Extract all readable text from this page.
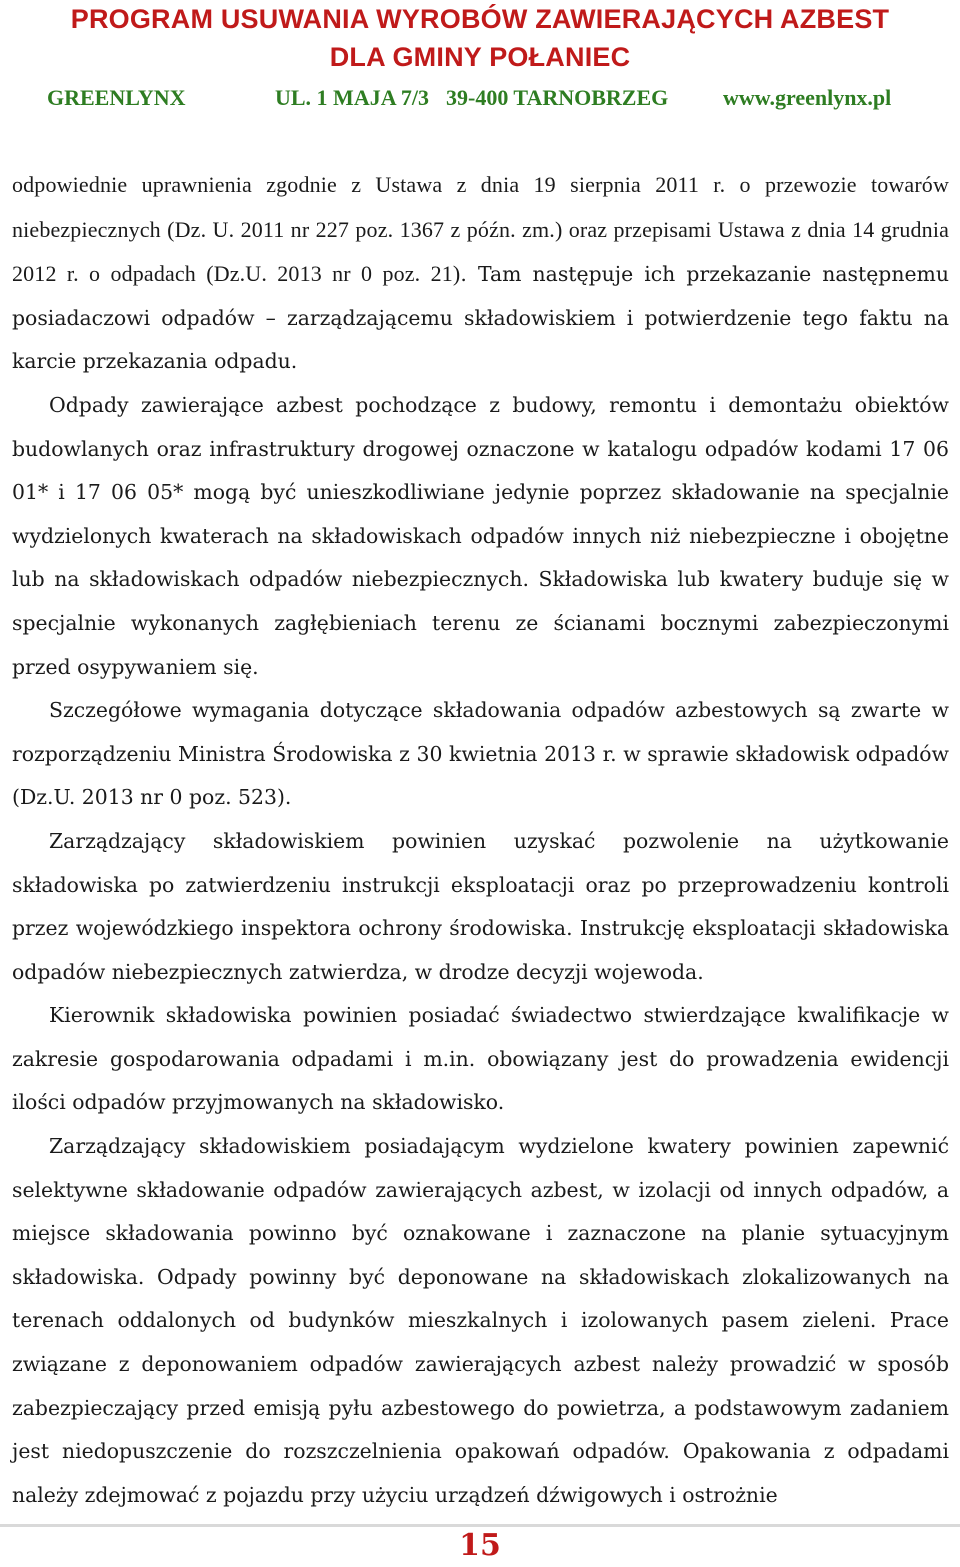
PROGRAM USUWANIA WYROBÓW ZAWIERAJĄCYCH AZBEST
DLA GMINY POŁANIEC
GREENLYNX	UL. 1 MAJA 7/3 39-400 TARNOBRZEG www.greenlynx.pl

odpowiednie uprawnienia zgodnie z Ustawa z dnia 19 sierpnia 2011 r. o przewozie towarów niebezpiecznych (Dz. U. 2011 nr 227 poz. 1367 z późn. zm.) oraz przepisami Ustawa z dnia 14 grudnia 2012 r. o odpadach (Dz.U. 2013 nr 0 poz. 21). Tam następuje ich przekazanie następnemu posiadaczowi odpadów – zarządzającemu składowiskiem i potwierdzenie tego faktu na karcie przekazania odpadu.

Odpady zawierające azbest pochodzące z budowy, remontu i demontażu obiektów budowlanych oraz infrastruktury drogowej oznaczone w katalogu odpadów kodami 17 06 01* i 17 06 05* mogą być unieszkodliwiane jedynie poprzez składowanie na specjalnie wydzielonych kwaterach na składowiskach odpadów innych niż niebezpieczne i obojętne lub na składowiskach odpadów niebezpiecznych. Składowiska lub kwatery buduje się w specjalnie wykonanych zagłębieniach terenu ze ścianami bocznymi zabezpieczonymi przed osypywaniem się.

Szczegółowe wymagania dotyczące składowania odpadów azbestowych są zwarte w rozporządzeniu Ministra Środowiska z 30 kwietnia 2013 r. w sprawie składowisk odpadów (Dz.U. 2013 nr 0 poz. 523).

Zarządzający składowiskiem powinien uzyskać pozwolenie na użytkowanie składowiska po zatwierdzeniu instrukcji eksploatacji oraz po przeprowadzeniu kontroli przez wojewódzkiego inspektora ochrony środowiska. Instrukcję eksploatacji składowiska odpadów niebezpiecznych zatwierdza, w drodze decyzji wojewoda.

Kierownik składowiska powinien posiadać świadectwo stwierdzające kwalifikacje w zakresie gospodarowania odpadami i m.in. obowiązany jest do prowadzenia ewidencji ilości odpadów przyjmowanych na składowisko.

Zarządzający składowiskiem posiadającym wydzielone kwatery powinien zapewnić selektywne składowanie odpadów zawierających azbest, w izolacji od innych odpadów, a miejsce składowania powinno być oznakowane i zaznaczone na planie sytuacyjnym składowiska. Odpady powinny być deponowane na składowiskach zlokalizowanych na terenach oddalonych od budynków mieszkalnych i izolowanych pasem zieleni. Prace związane z deponowaniem odpadów zawierających azbest należy prowadzić w sposób zabezpieczający przed emisją pyłu azbestowego do powietrza, a podstawowym zadaniem jest niedopuszczenie do rozszczelnienia opakowań odpadów. Opakowania z odpadami należy zdejmować z pojazdu przy użyciu urządzeń dźwigowych i ostrożnie

15
